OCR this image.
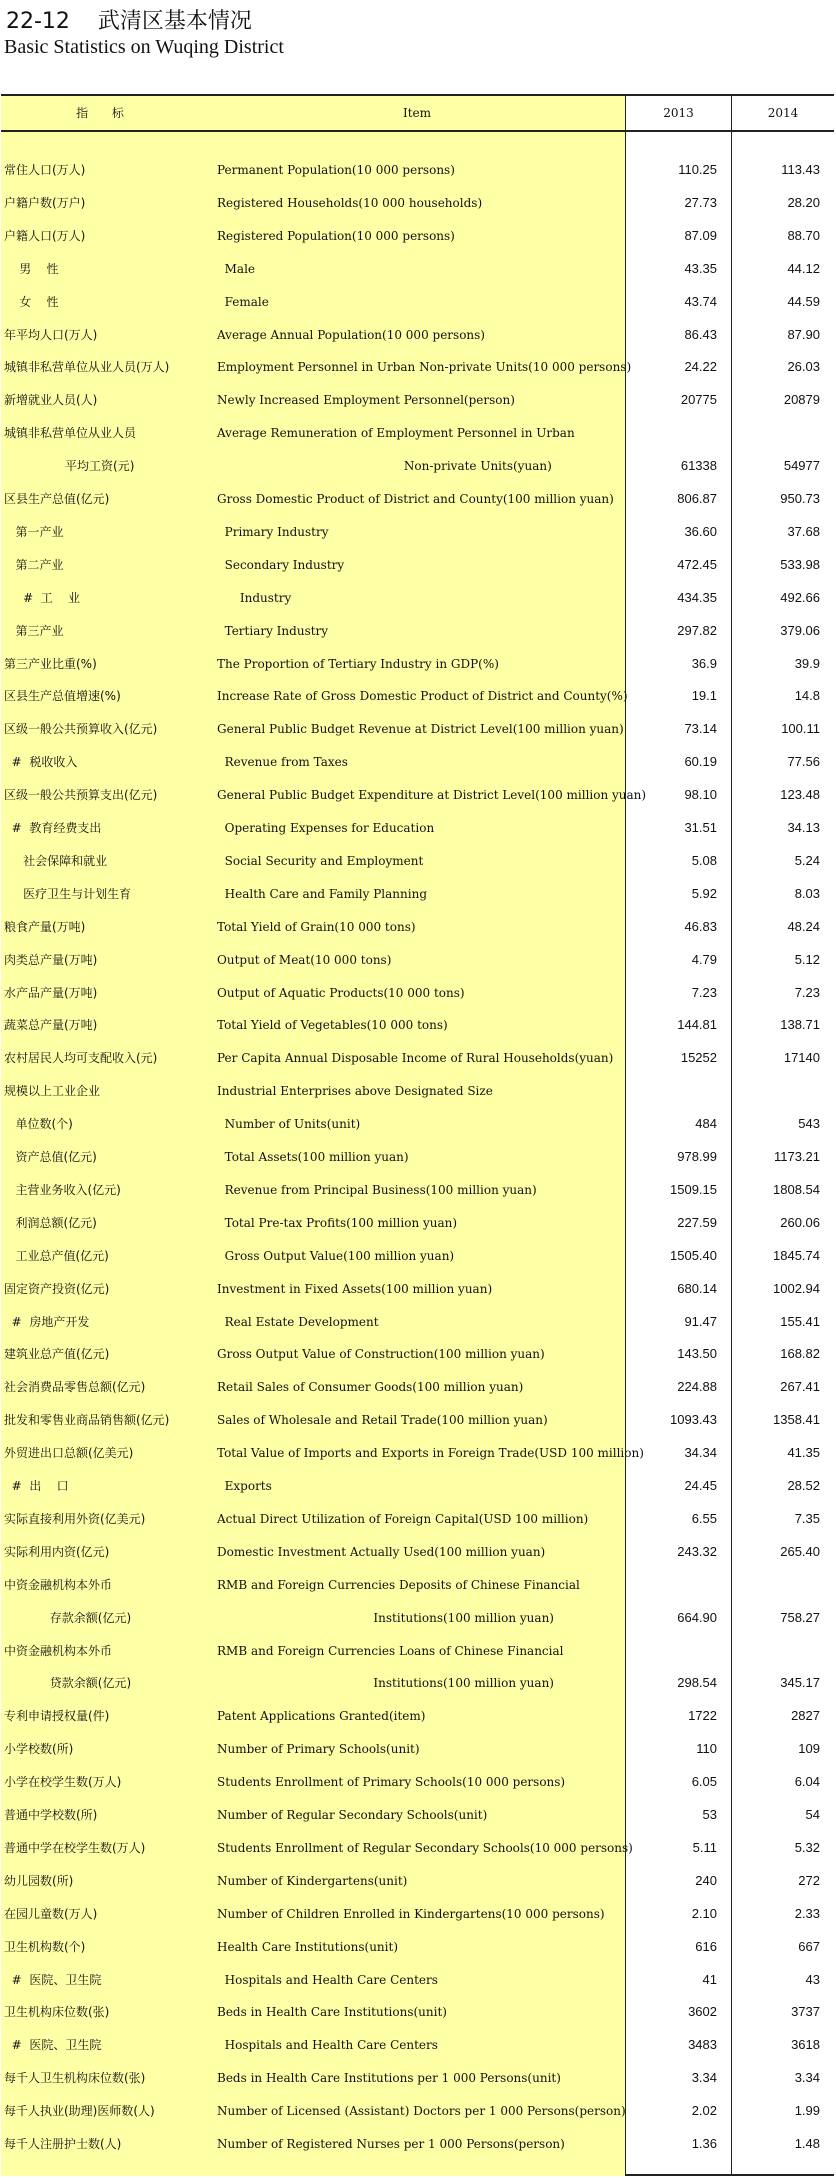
22-12    武清区基本情况
Basic Statistics on Wuqing District
指 标	Item	2013	2014
常住人口(万人)	Permanent Population(10 000 persons)	110.25	113.43
户籍户数(万户)	Registered Households(10 000 households)	27.73	28.20
户籍人口(万人)	Registered Population(10 000 persons)	87.09	88.70
男    性	Male	43.35	44.12
女    性	Female	43.74	44.59
年平均人口(万人)	Average Annual Population(10 000 persons)	86.43	87.90
城镇非私营单位从业人员(万人)	Employment Personnel in Urban Non-private Units(10 000 persons)	24.22	26.03
新增就业人员(人)	Newly Increased Employment Personnel(person)	20775	20879
城镇非私营单位从业人员	Average Remuneration of Employment Personnel in Urban
平均工资(元)	Non-private Units(yuan)	61338	54977
区县生产总值(亿元)	Gross Domestic Product of District and County(100 million yuan)	806.87	950.73
第一产业	Primary Industry	36.60	37.68
第二产业	Secondary Industry	472.45	533.98
#  工    业	Industry	434.35	492.66
第三产业	Tertiary Industry	297.82	379.06
第三产业比重(%)	The Proportion of Tertiary Industry in GDP(%)	36.9	39.9
区县生产总值增速(%)	Increase Rate of Gross Domestic Product of District and County(%)	19.1	14.8
区级一般公共预算收入(亿元)	General Public Budget Revenue at District Level(100 million yuan)	73.14	100.11
#  税收收入	Revenue from Taxes	60.19	77.56
区级一般公共预算支出(亿元)	General Public Budget Expenditure at District Level(100 million yuan)	98.10	123.48
#  教育经费支出	Operating Expenses for Education	31.51	34.13
社会保障和就业	Social Security and Employment	5.08	5.24
医疗卫生与计划生育	Health Care and Family Planning	5.92	8.03
粮食产量(万吨)	Total Yield of Grain(10 000 tons)	46.83	48.24
肉类总产量(万吨)	Output of Meat(10 000 tons)	4.79	5.12
水产品产量(万吨)	Output of Aquatic Products(10 000 tons)	7.23	7.23
蔬菜总产量(万吨)	Total Yield of Vegetables(10 000 tons)	144.81	138.71
农村居民人均可支配收入(元)	Per Capita Annual Disposable Income of Rural Households(yuan)	15252	17140
规模以上工业企业	Industrial Enterprises above Designated Size
单位数(个)	Number of Units(unit)	484	543
资产总值(亿元)	Total Assets(100 million yuan)	978.99	1173.21
主营业务收入(亿元)	Revenue from Principal Business(100 million yuan)	1509.15	1808.54
利润总额(亿元)	Total Pre-tax Profits(100 million yuan)	227.59	260.06
工业总产值(亿元)	Gross Output Value(100 million yuan)	1505.40	1845.74
固定资产投资(亿元)	Investment in Fixed Assets(100 million yuan)	680.14	1002.94
#  房地产开发	Real Estate Development	91.47	155.41
建筑业总产值(亿元)	Gross Output Value of Construction(100 million yuan)	143.50	168.82
社会消费品零售总额(亿元)	Retail Sales of Consumer Goods(100 million yuan)	224.88	267.41
批发和零售业商品销售额(亿元)	Sales of Wholesale and Retail Trade(100 million yuan)	1093.43	1358.41
外贸进出口总额(亿美元)	Total Value of Imports and Exports in Foreign Trade(USD 100 million)	34.34	41.35
#  出    口	Exports	24.45	28.52
实际直接利用外资(亿美元)	Actual Direct Utilization of Foreign Capital(USD 100 million)	6.55	7.35
实际利用内资(亿元)	Domestic Investment Actually Used(100 million yuan)	243.32	265.40
中资金融机构本外币	RMB and Foreign Currencies Deposits of Chinese Financial
存款余额(亿元)	Institutions(100 million yuan)	664.90	758.27
中资金融机构本外币	RMB and Foreign Currencies Loans of Chinese Financial
贷款余额(亿元)	Institutions(100 million yuan)	298.54	345.17
专利申请授权量(件)	Patent Applications Granted(item)	1722	2827
小学校数(所)	Number of Primary Schools(unit)	110	109
小学在校学生数(万人)	Students Enrollment of Primary Schools(10 000 persons)	6.05	6.04
普通中学校数(所)	Number of Regular Secondary Schools(unit)	53	54
普通中学在校学生数(万人)	Students Enrollment of Regular Secondary Schools(10 000 persons)	5.11	5.32
幼儿园数(所)	Number of Kindergartens(unit)	240	272
在园儿童数(万人)	Number of Children Enrolled in Kindergartens(10 000 persons)	2.10	2.33
卫生机构数(个)	Health Care Institutions(unit)	616	667
#  医院、卫生院	Hospitals and Health Care Centers	41	43
卫生机构床位数(张)	Beds in Health Care Institutions(unit)	3602	3737
#  医院、卫生院	Hospitals and Health Care Centers	3483	3618
每千人卫生机构床位数(张)	Beds in Health Care Institutions per 1 000 Persons(unit)	3.34	3.34
每千人执业(助理)医师数(人)	Number of Licensed (Assistant) Doctors per 1 000 Persons(person)	2.02	1.99
每千人注册护士数(人)	Number of Registered Nurses per 1 000 Persons(person)	1.36	1.48
